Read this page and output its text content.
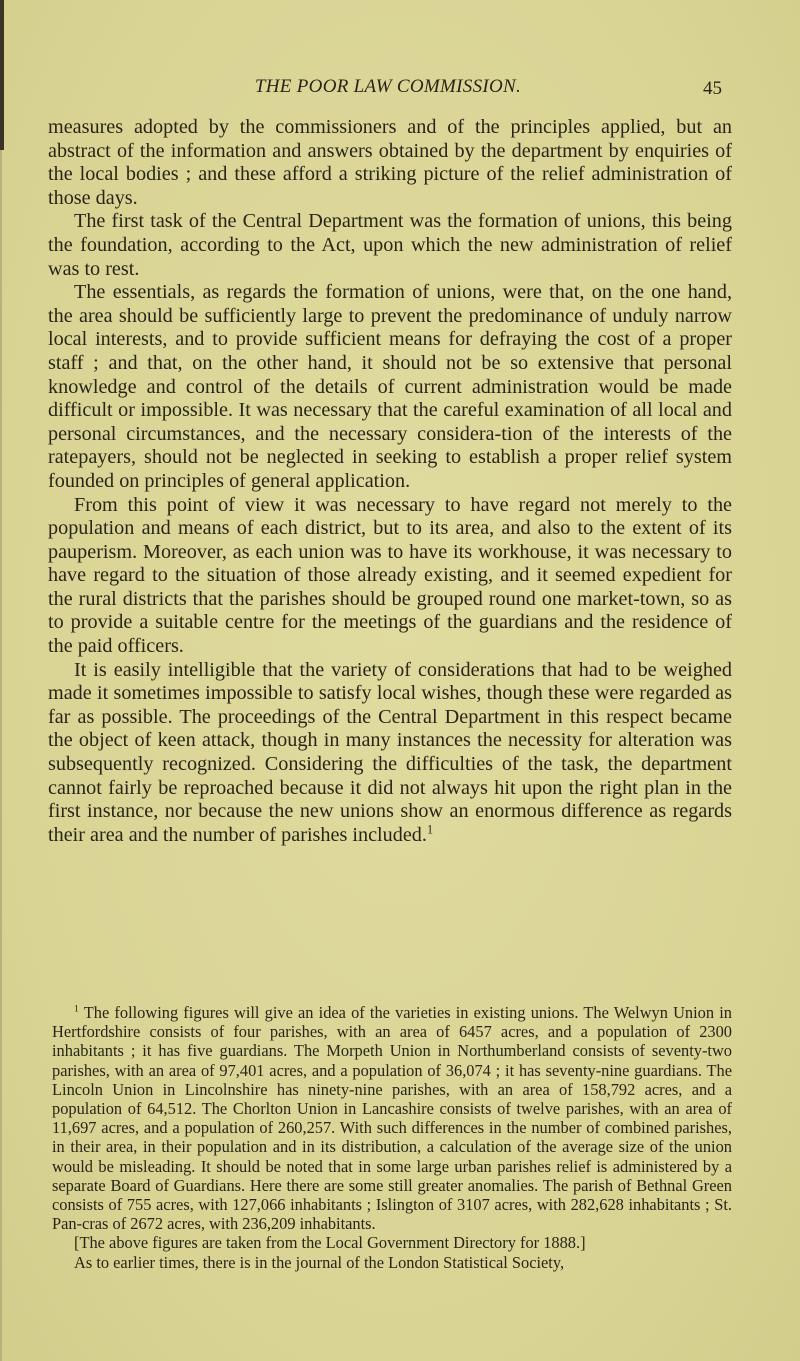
THE POOR LAW COMMISSION.	45

measures adopted by the commissioners and of the principles applied, but an abstract of the information and answers obtained by the department by enquiries of the local bodies ; and these afford a striking picture of the relief administration of those days.

The first task of the Central Department was the formation of unions, this being the foundation, according to the Act, upon which the new administration of relief was to rest.

The essentials, as regards the formation of unions, were that, on the one hand, the area should be sufficiently large to prevent the predominance of unduly narrow local interests, and to provide sufficient means for defraying the cost of a proper staff ; and that, on the other hand, it should not be so extensive that personal knowledge and control of the details of current administration would be made difficult or impossible. It was necessary that the careful examination of all local and personal circumstances, and the necessary considera-tion of the interests of the ratepayers, should not be neglected in seeking to establish a proper relief system founded on principles of general application.

From this point of view it was necessary to have regard not merely to the population and means of each district, but to its area, and also to the extent of its pauperism. Moreover, as each union was to have its workhouse, it was necessary to have regard to the situation of those already existing, and it seemed expedient for the rural districts that the parishes should be grouped round one market-town, so as to provide a suitable centre for the meetings of the guardians and the residence of the paid officers.

It is easily intelligible that the variety of considerations that had to be weighed made it sometimes impossible to satisfy local wishes, though these were regarded as far as possible. The proceedings of the Central Department in this respect became the object of keen attack, though in many instances the necessity for alteration was subsequently recognized. Considering the difficulties of the task, the department cannot fairly be reproached because it did not always hit upon the right plan in the first instance, nor because the new unions show an enormous difference as regards their area and the number of parishes included.$^1$

$^1$ The following figures will give an idea of the varieties in existing unions. The Welwyn Union in Hertfordshire consists of four parishes, with an area of 6457 acres, and a population of 2300 inhabitants ; it has five guardians. The Morpeth Union in Northumberland consists of seventy-two parishes, with an area of 97,401 acres, and a population of 36,074 ; it has seventy-nine guardians. The Lincoln Union in Lincolnshire has ninety-nine parishes, with an area of 158,792 acres, and a population of 64,512. The Chorlton Union in Lancashire consists of twelve parishes, with an area of 11,697 acres, and a population of 260,257. With such differences in the number of combined parishes, in their area, in their population and in its distribution, a calculation of the average size of the union would be misleading. It should be noted that in some large urban parishes relief is administered by a separate Board of Guardians. Here there are some still greater anomalies. The parish of Bethnal Green consists of 755 acres, with 127,066 inhabitants ; Islington of 3107 acres, with 282,628 inhabitants ; St. Pan-cras of 2672 acres, with 236,209 inhabitants.

[The above figures are taken from the Local Government Directory for 1888.]

As to earlier times, there is in the journal of the London Statistical Society,
